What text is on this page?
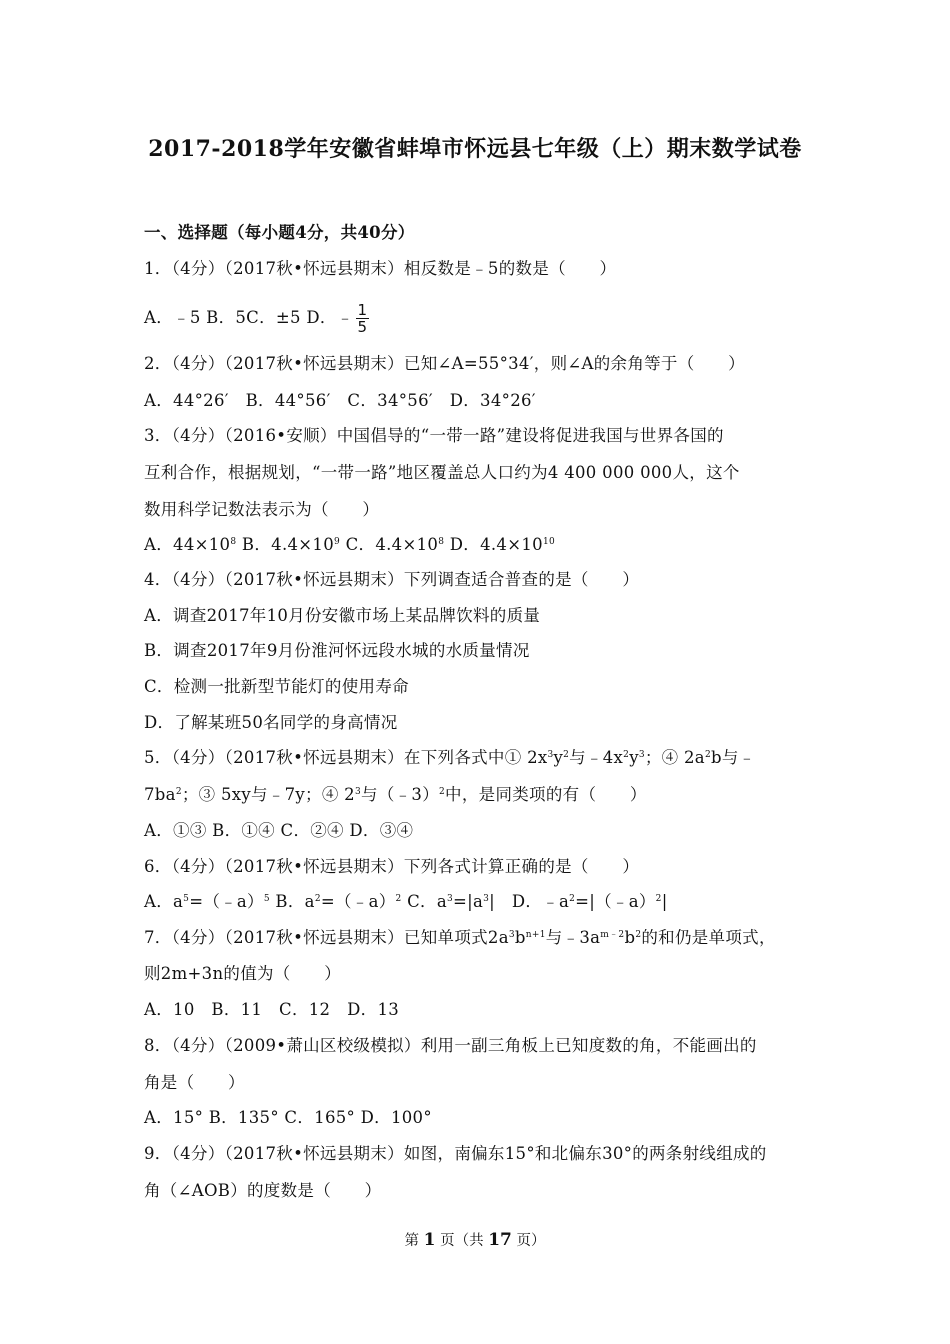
2017-2018学年安徽省蚌埠市怀远县七年级（上）期末数学试卷
一、选择题（每小题4分，共40分）
1．（4分）（2017秋•怀远县期末）相反数是﹣5的数是（　　）
A．﹣5 B．5C．±5 D．﹣ $\frac{1}{5}$
2．（4分）（2017秋•怀远县期末）已知∠A=55°34′，则∠A的余角等于（　　）
A．44°26′　B．44°56′　C．34°56′　D．34°26′
3．（4分）（2016•安顺）中国倡导的“一带一路”建设将促进我国与世界各国的
互利合作，根据规划，“一带一路”地区覆盖总人口约为4 400 000 000人，这个
数用科学记数法表示为（　　）
A．$44\times 10^8$ B．$4.4\times 10^9$ C．$4.4\times 10^8$ D．$4.4\times 10^{10}$
4．（4分）（2017秋•怀远县期末）下列调查适合普查的是（　　）
A．调查2017年10月份安徽市场上某品牌饮料的质量
B．调查2017年9月份淮河怀远段水城的水质量情况
C．检测一批新型节能灯的使用寿命
D．了解某班50名同学的身高情况
5．（4分）（2017秋•怀远县期末）在下列各式中① $2x^3y^2$与$﹣4x^2y^3$；④ $2a^2b$与﹣
$7ba^2$；③ 5xy与﹣7y；④ $2^3$与（﹣3）$^2$中，是同类项的有（　　）
A．①③ B．①④ C．②④ D．③④
6．（4分）（2017秋•怀远县期末）下列各式计算正确的是（　　）
A．$a^5=(﹣a)^5$ B．$a^2=(﹣a)^2$ C．$a^3=|a^3|$　D．$﹣a^2=|(﹣a)^2|$
7．（4分）（2017秋•怀远县期末）已知单项式$2a^3b^{n+1}$与$﹣3a^{m﹣2}b^2$的和仍是单项式，
则2m+3n的值为（　　）
A．10　B．11　C．12　D．13
8．（4分）（2009•萧山区校级模拟）利用一副三角板上已知度数的角，不能画出的
角是（　　）
A．15° B．135° C．165° D．100°
9．（4分）（2017秋•怀远县期末）如图，南偏东15°和北偏东30°的两条射线组成的
角（∠AOB）的度数是（　　）
第 1 页（共 17 页）
